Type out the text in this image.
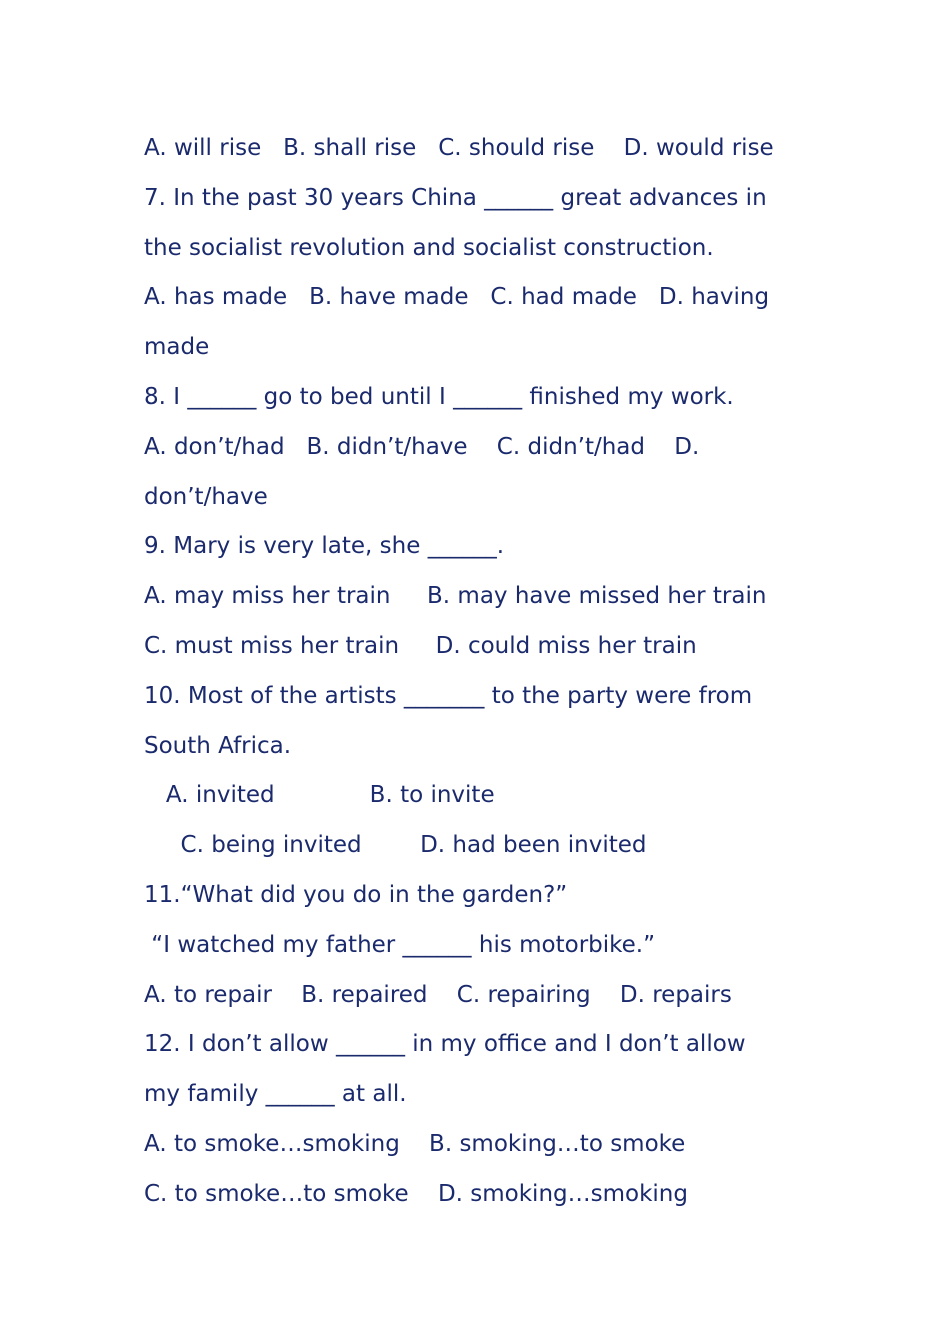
A. will rise   B. shall rise   C. should rise    D. would rise
7. In the past 30 years China ______ great advances in
the socialist revolution and socialist construction.
A. has made   B. have made   C. had made   D. having
made
8. I ______ go to bed until I ______ finished my work.
A. don’t/had   B. didn’t/have    C. didn’t/had    D.
don’t/have
9. Mary is very late, she ______.
A. may miss her train     B. may have missed her train
C. must miss her train     D. could miss her train
10. Most of the artists _______ to the party were from
South Africa.
A. invited             B. to invite
C. being invited        D. had been invited
11.“What did you do in the garden?”
“I watched my father ______ his motorbike.”
A. to repair    B. repaired    C. repairing    D. repairs
12. I don’t allow ______ in my office and I don’t allow
my family ______ at all.
A. to smoke…smoking    B. smoking…to smoke
C. to smoke…to smoke    D. smoking…smoking
